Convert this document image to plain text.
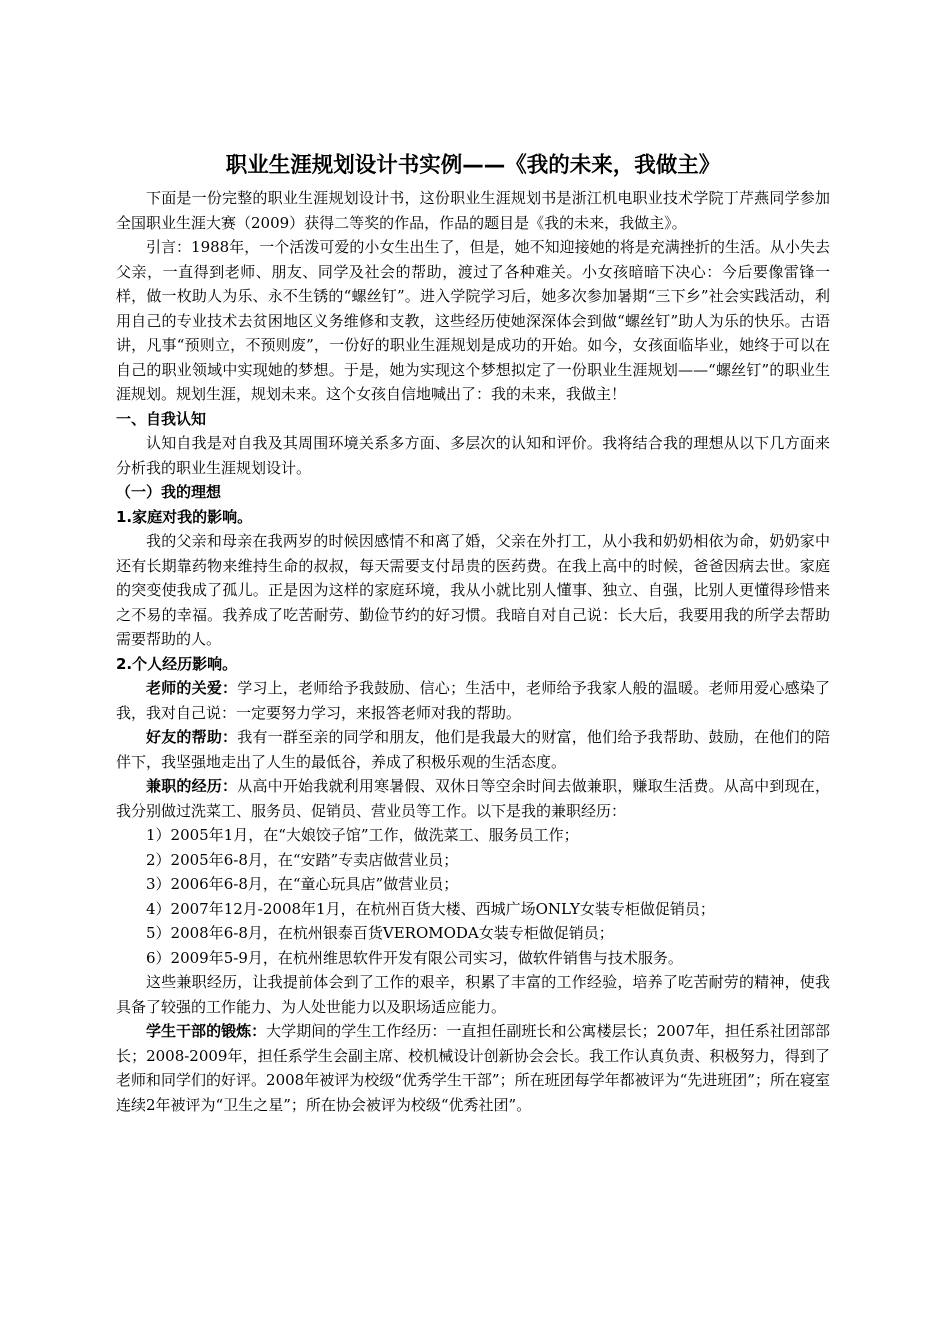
职业生涯规划设计书实例——《我的未来，我做主》

下面是一份完整的职业生涯规划设计书，这份职业生涯规划书是浙江机电职业技术学院丁芹燕同学参加全国职业生涯大赛（2009）获得二等奖的作品，作品的题目是《我的未来，我做主》。

引言：1988年，一个活泼可爱的小女生出生了，但是，她不知迎接她的将是充满挫折的生活。从小失去父亲，一直得到老师、朋友、同学及社会的帮助，渡过了各种难关。小女孩暗暗下决心：今后要像雷锋一样，做一枚助人为乐、永不生锈的“螺丝钉”。进入学院学习后，她多次参加暑期“三下乡”社会实践活动，利用自己的专业技术去贫困地区义务维修和支教，这些经历使她深深体会到做“螺丝钉”助人为乐的快乐。古语讲，凡事“预则立，不预则废”，一份好的职业生涯规划是成功的开始。如今，女孩面临毕业，她终于可以在自己的职业领域中实现她的梦想。于是，她为实现这个梦想拟定了一份职业生涯规划——“螺丝钉”的职业生涯规划。规划生涯，规划未来。这个女孩自信地喊出了：我的未来，我做主！

一、自我认知

认知自我是对自我及其周围环境关系多方面、多层次的认知和评价。我将结合我的理想从以下几方面来分析我的职业生涯规划设计。

（一）我的理想
1.家庭对我的影响。

我的父亲和母亲在我两岁的时候因感情不和离了婚，父亲在外打工，从小我和奶奶相依为命，奶奶家中还有长期靠药物来维持生命的叔叔，每天需要支付昂贵的医药费。在我上高中的时候，爸爸因病去世。家庭的突变使我成了孤儿。正是因为这样的家庭环境，我从小就比别人懂事、独立、自强，比别人更懂得珍惜来之不易的幸福。我养成了吃苦耐劳、勤俭节约的好习惯。我暗自对自己说：长大后，我要用我的所学去帮助需要帮助的人。

2.个人经历影响。

老师的关爱：学习上，老师给予我鼓励、信心；生活中，老师给予我家人般的温暖。老师用爱心感染了我，我对自己说：一定要努力学习，来报答老师对我的帮助。

好友的帮助：我有一群至亲的同学和朋友，他们是我最大的财富，他们给予我帮助、鼓励，在他们的陪伴下，我坚强地走出了人生的最低谷，养成了积极乐观的生活态度。

兼职的经历：从高中开始我就利用寒暑假、双休日等空余时间去做兼职，赚取生活费。从高中到现在，我分别做过洗菜工、服务员、促销员、营业员等工作。以下是我的兼职经历：

1）2005年1月，在“大娘饺子馆”工作，做洗菜工、服务员工作；

2）2005年6-8月，在“安踏”专卖店做营业员；

3）2006年6-8月，在“童心玩具店”做营业员；

4）2007年12月-2008年1月，在杭州百货大楼、西城广场ONLY女装专柜做促销员；

5）2008年6-8月，在杭州银泰百货VEROMODA女装专柜做促销员；

6）2009年5-9月，在杭州维思软件开发有限公司实习，做软件销售与技术服务。

这些兼职经历，让我提前体会到了工作的艰辛，积累了丰富的工作经验，培养了吃苦耐劳的精神，使我具备了较强的工作能力、为人处世能力以及职场适应能力。

学生干部的锻炼：大学期间的学生工作经历：一直担任副班长和公寓楼层长；2007年，担任系社团部部长；2008-2009年，担任系学生会副主席、校机械设计创新协会会长。我工作认真负责、积极努力，得到了老师和同学们的好评。2008年被评为校级“优秀学生干部”；所在班团每学年都被评为“先进班团”；所在寝室连续2年被评为“卫生之星”；所在协会被评为校级“优秀社团”。
